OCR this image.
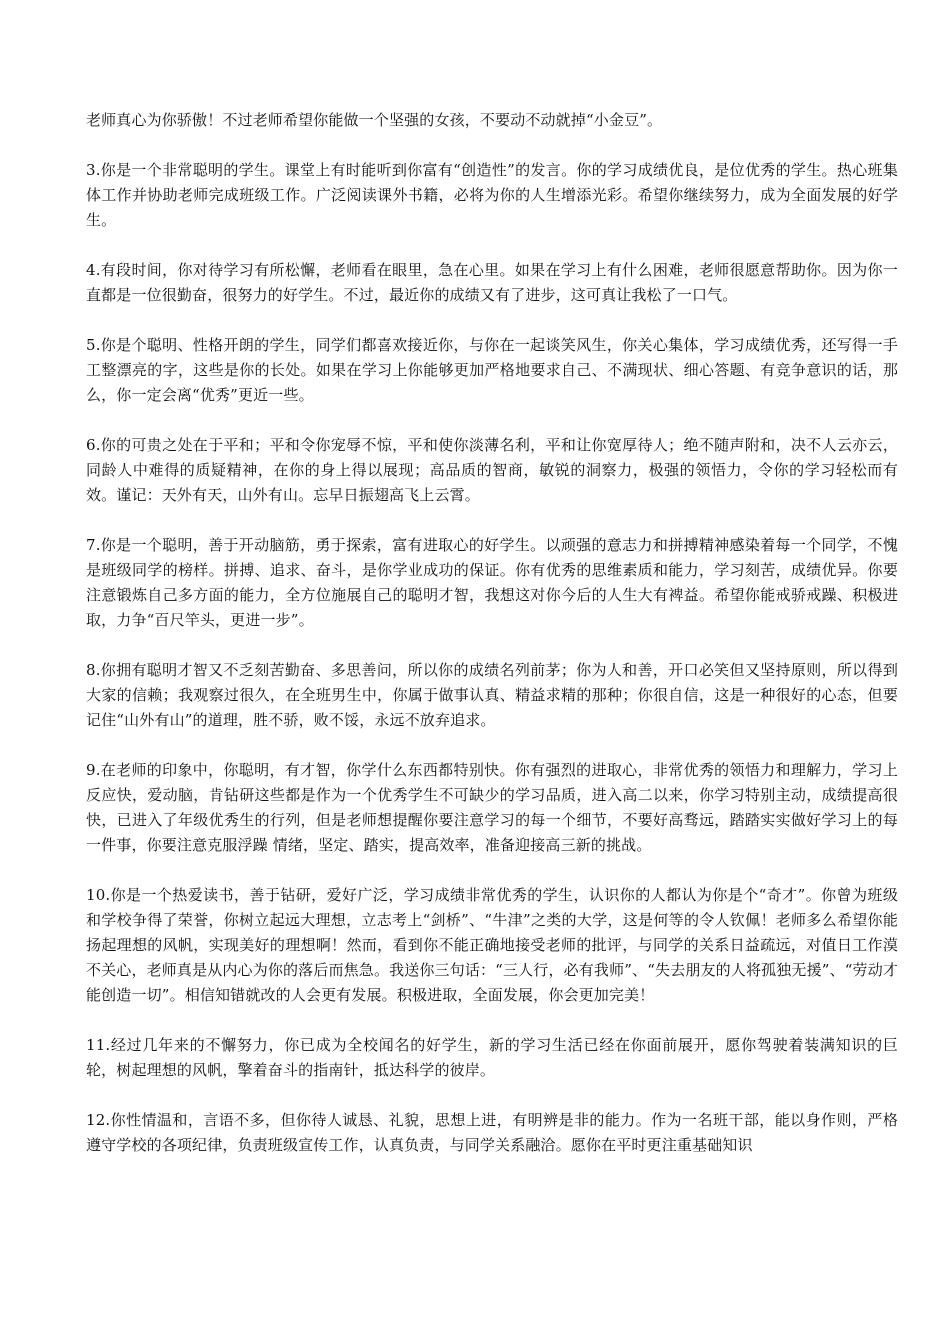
老师真心为你骄傲！不过老师希望你能做一个坚强的女孩，不要动不动就掉“小金豆”。

3.你是一个非常聪明的学生。课堂上有时能听到你富有“创造性”的发言。你的学习成绩优良，是位优秀的学生。热心班集体工作并协助老师完成班级工作。广泛阅读课外书籍，必将为你的人生增添光彩。希望你继续努力，成为全面发展的好学生。

4.有段时间，你对待学习有所松懈，老师看在眼里，急在心里。如果在学习上有什么困难，老师很愿意帮助你。因为你一直都是一位很勤奋，很努力的好学生。不过，最近你的成绩又有了进步，这可真让我松了一口气。

5.你是个聪明、性格开朗的学生，同学们都喜欢接近你，与你在一起谈笑风生，你关心集体，学习成绩优秀，还写得一手工整漂亮的字，这些是你的长处。如果在学习上你能够更加严格地要求自己、不满现状、细心答题、有竞争意识的话，那么，你一定会离“优秀”更近一些。

6.你的可贵之处在于平和；平和令你宠辱不惊，平和使你淡薄名利，平和让你宽厚待人；绝不随声附和，决不人云亦云，同龄人中难得的质疑精神，在你的身上得以展现；高品质的智商，敏锐的洞察力，极强的领悟力，令你的学习轻松而有效。谨记：天外有天，山外有山。忘早日振翅高飞上云霄。

7.你是一个聪明，善于开动脑筋，勇于探索，富有进取心的好学生。以顽强的意志力和拼搏精神感染着每一个同学，不愧是班级同学的榜样。拼搏、追求、奋斗，是你学业成功的保证。你有优秀的思维素质和能力，学习刻苦，成绩优异。你要注意锻炼自己多方面的能力，全方位施展自己的聪明才智，我想这对你今后的人生大有裨益。希望你能戒骄戒躁、积极进取，力争“百尺竿头，更进一步”。

8.你拥有聪明才智又不乏刻苦勤奋、多思善问，所以你的成绩名列前茅；你为人和善，开口必笑但又坚持原则，所以得到大家的信赖；我观察过很久，在全班男生中，你属于做事认真、精益求精的那种；你很自信，这是一种很好的心态，但要记住“山外有山”的道理，胜不骄，败不馁，永远不放弃追求。

9.在老师的印象中，你聪明，有才智，你学什么东西都特别快。你有强烈的进取心，非常优秀的领悟力和理解力，学习上反应快，爱动脑，肯钻研这些都是作为一个优秀学生不可缺少的学习品质，进入高二以来，你学习特别主动，成绩提高很快，已进入了年级优秀生的行列，但是老师想提醒你要注意学习的每一个细节，不要好高骛远，踏踏实实做好学习上的每一件事，你要注意克服浮躁 情绪，坚定、踏实，提高效率，准备迎接高三新的挑战。

10.你是一个热爱读书，善于钻研，爱好广泛，学习成绩非常优秀的学生，认识你的人都认为你是个“奇才”。你曾为班级和学校争得了荣誉，你树立起远大理想，立志考上“剑桥”、“牛津”之类的大学，这是何等的令人钦佩！老师多么希望你能扬起理想的风帆，实现美好的理想啊！然而，看到你不能正确地接受老师的批评，与同学的关系日益疏远，对值日工作漠不关心，老师真是从内心为你的落后而焦急。我送你三句话：“三人行，必有我师”、“失去朋友的人将孤独无援”、“劳动才能创造一切”。相信知错就改的人会更有发展。积极进取，全面发展，你会更加完美！

11.经过几年来的不懈努力，你已成为全校闻名的好学生，新的学习生活已经在你面前展开，愿你驾驶着装满知识的巨轮，树起理想的风帆，擎着奋斗的指南针，抵达科学的彼岸。

12.你性情温和，言语不多，但你待人诚恳、礼貌，思想上进，有明辨是非的能力。作为一名班干部，能以身作则，严格遵守学校的各项纪律，负责班级宣传工作，认真负责，与同学关系融洽。愿你在平时更注重基础知识
